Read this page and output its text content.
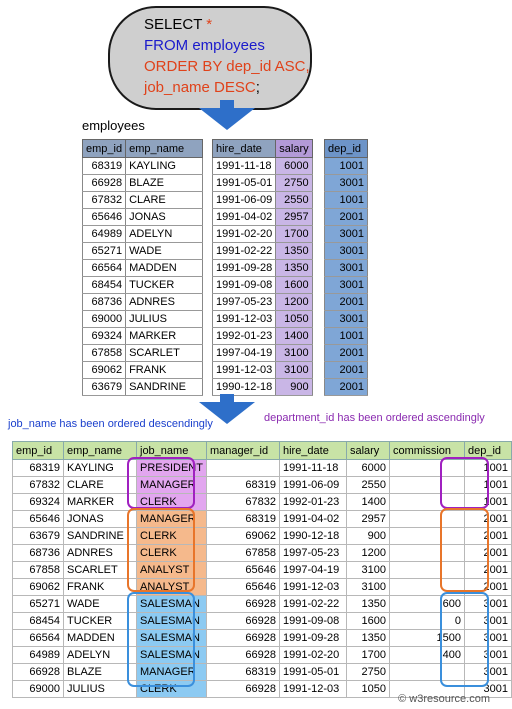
SELECT *
FROM employees
ORDER BY dep_id ASC,
job_name DESC;
employees
emp_id	emp_name
68319	KAYLING
66928	BLAZE
67832	CLARE
65646	JONAS
64989	ADELYN
65271	WADE
66564	MADDEN
68454	TUCKER
68736	ADNRES
69000	JULIUS
69324	MARKER
67858	SCARLET
69062	FRANK
63679	SANDRINE
hire_date	salary
1991-11-18	6000
1991-05-01	2750
1991-06-09	2550
1991-04-02	2957
1991-02-20	1700
1991-02-22	1350
1991-09-28	1350
1991-09-08	1600
1997-05-23	1200
1991-12-03	1050
1992-01-23	1400
1997-04-19	3100
1991-12-03	3100
1990-12-18	900
dep_id
1001
3001
1001
2001
3001
3001
3001
3001
2001
3001
1001
2001
2001
2001
job_name has been ordered descendingly	department_id has been ordered ascendingly
emp_id	emp_name	job_name	manager_id	hire_date	salary	commission	dep_id
68319	KAYLING	PRESIDENT		1991-11-18	6000		1001
67832	CLARE	MANAGER	68319	1991-06-09	2550		1001
69324	MARKER	CLERK	67832	1992-01-23	1400		1001
65646	JONAS	MANAGER	68319	1991-04-02	2957		2001
63679	SANDRINE	CLERK	69062	1990-12-18	900		2001
68736	ADNRES	CLERK	67858	1997-05-23	1200		2001
67858	SCARLET	ANALYST	65646	1997-04-19	3100		2001
69062	FRANK	ANALYST	65646	1991-12-03	3100		2001
65271	WADE	SALESMAN	66928	1991-02-22	1350	600	3001
68454	TUCKER	SALESMAN	66928	1991-09-08	1600	0	3001
66564	MADDEN	SALESMAN	66928	1991-09-28	1350	1500	3001
64989	ADELYN	SALESMAN	66928	1991-02-20	1700	400	3001
66928	BLAZE	MANAGER	68319	1991-05-01	2750		3001
69000	JULIUS	CLERK	66928	1991-12-03	1050		3001
© w3resource.com
